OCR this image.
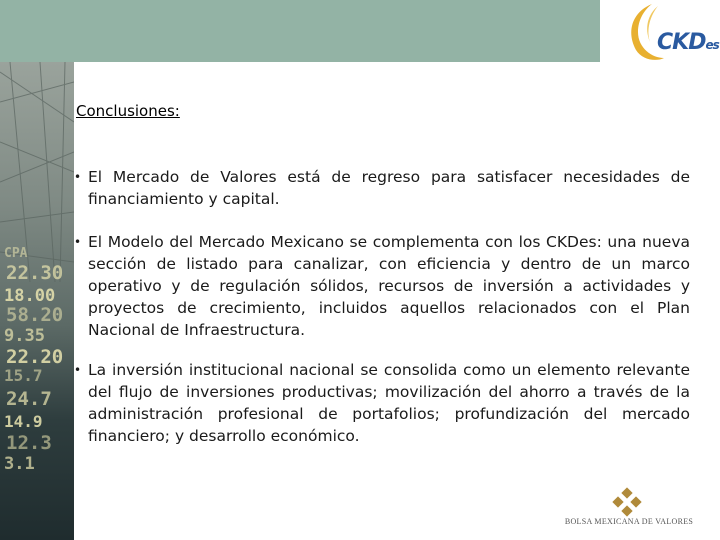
CKDes
CPA
22.30
18.00
58.20
9.35
22.20
15.7
24.7
14.9
12.3
3.1
Conclusiones:
• El Mercado de Valores está de regreso para satisfacer necesidades de financiamiento y capital.
• El Modelo del Mercado Mexicano se complementa con los CKDes: una nueva sección de listado para canalizar, con eficiencia y dentro de un marco operativo y de regulación sólidos, recursos de inversión a actividades y proyectos de crecimiento, incluidos aquellos relacionados con el Plan Nacional de Infraestructura.
• La inversión institucional nacional se consolida como un elemento relevante del flujo de inversiones productivas; movilización del ahorro a través de la administración profesional de portafolios; profundización del mercado financiero; y desarrollo económico.
BOLSA MEXICANA DE VALORES
